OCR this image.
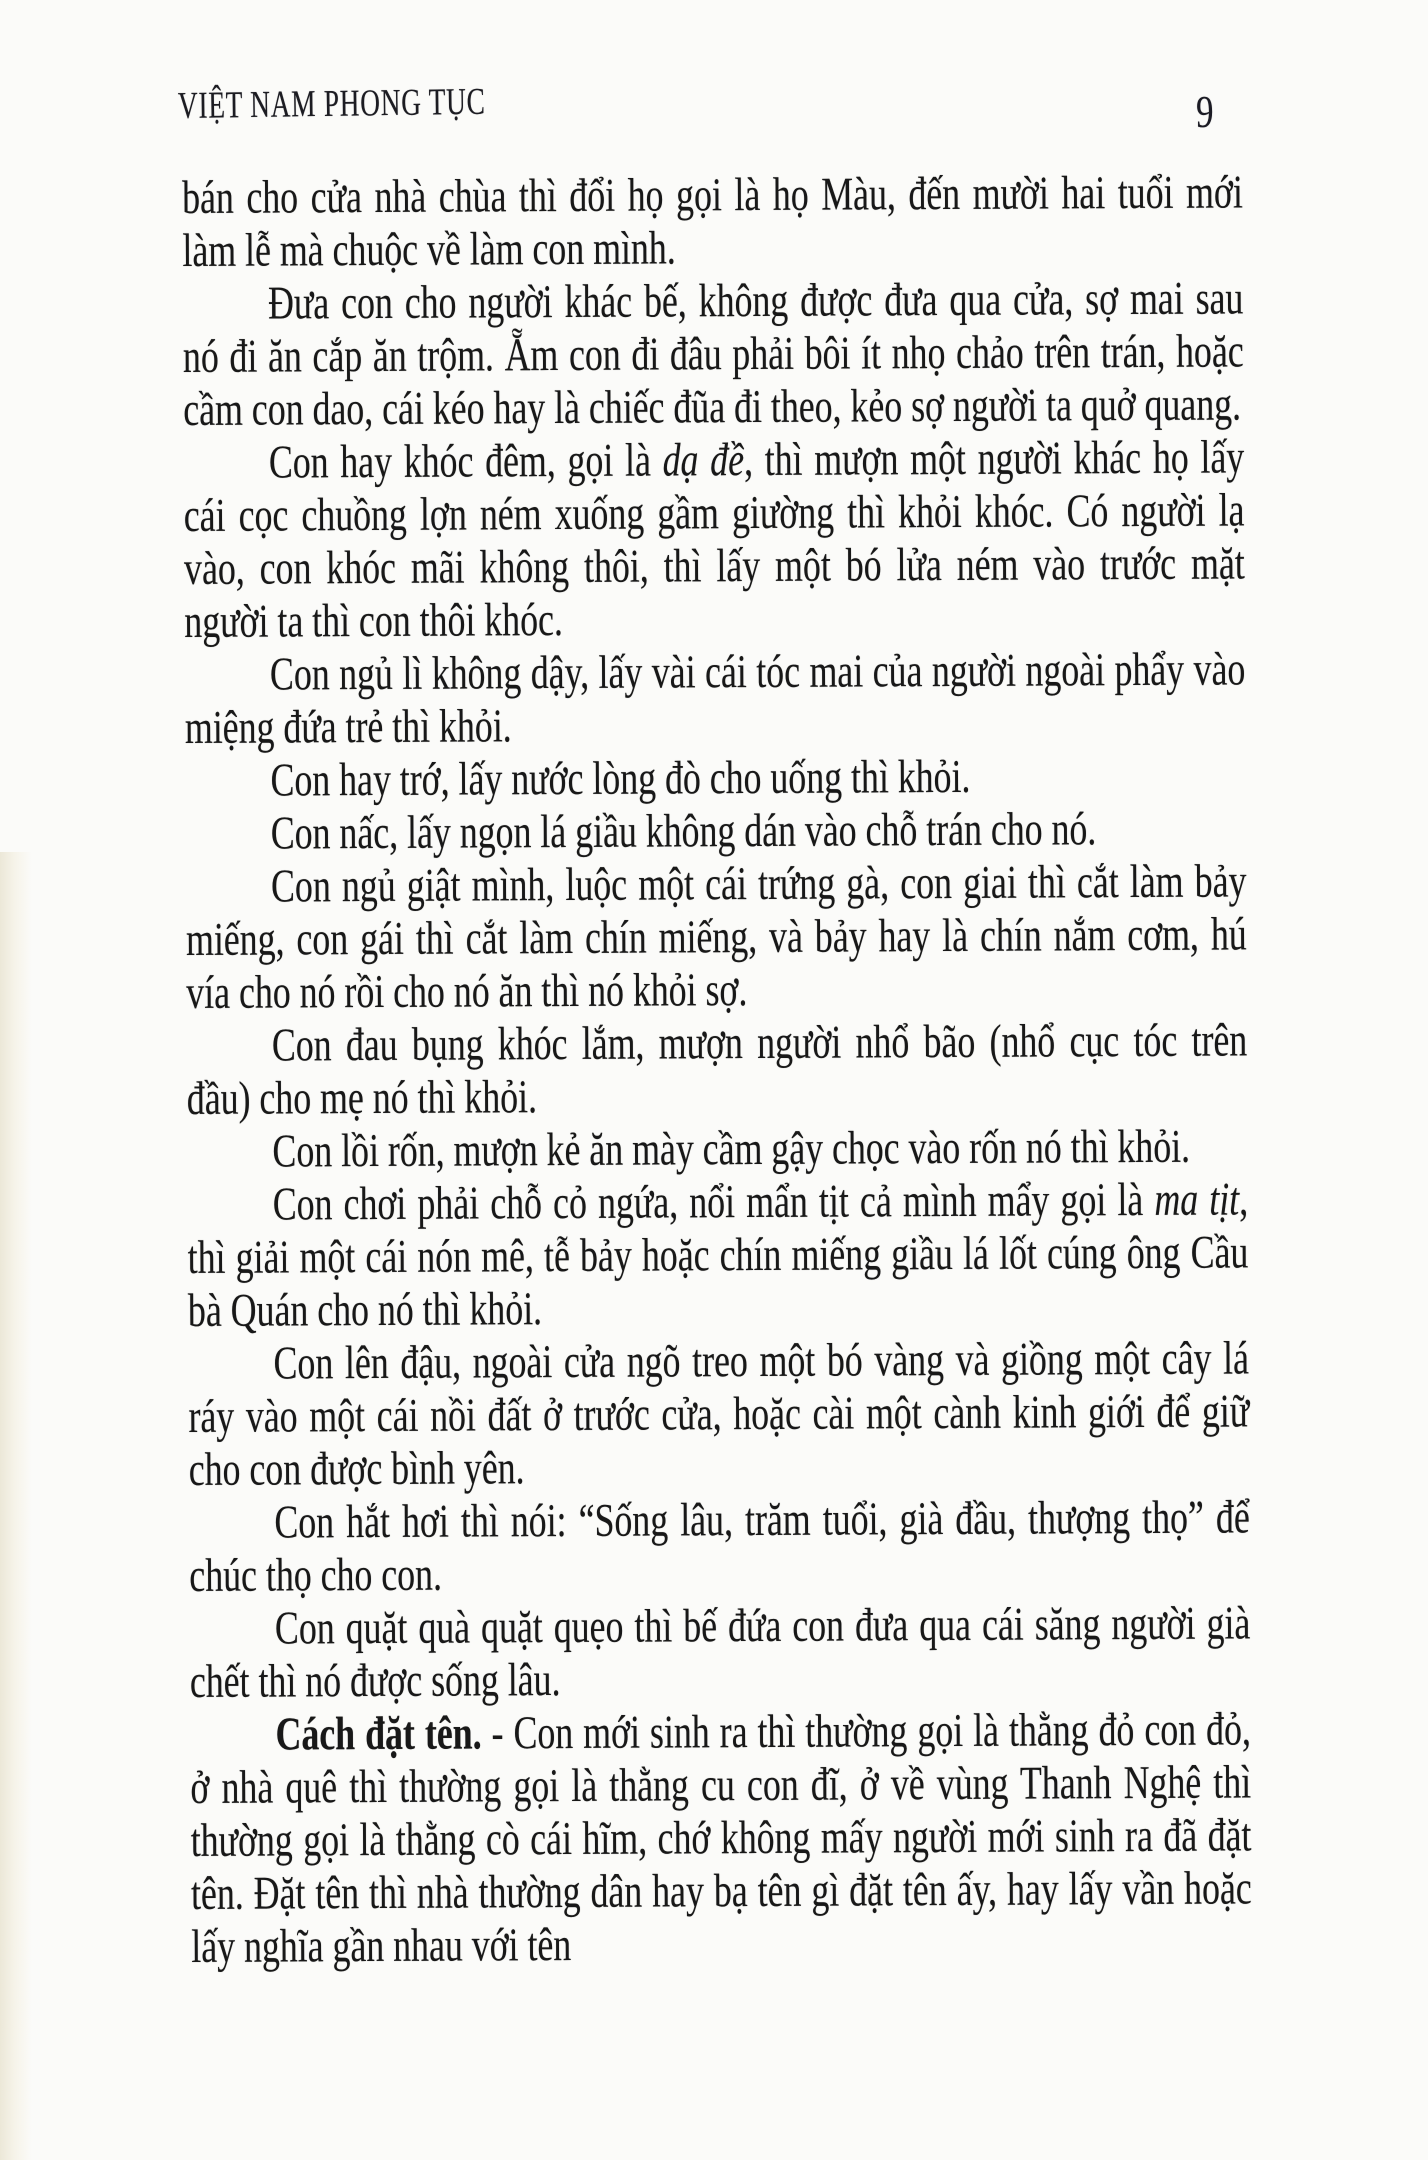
VIỆT NAM PHONG TỤC	9

bán cho cửa nhà chùa thì đổi họ gọi là họ Màu, đến mười hai tuổi mới làm lễ mà chuộc về làm con mình.

Đưa con cho người khác bế, không được đưa qua cửa, sợ mai sau nó đi ăn cắp ăn trộm. Ẵm con đi đâu phải bôi ít nhọ chảo trên trán, hoặc cầm con dao, cái kéo hay là chiếc đũa đi theo, kẻo sợ người ta quở quang.

Con hay khóc đêm, gọi là dạ đề, thì mượn một người khác họ lấy cái cọc chuồng lợn ném xuống gầm giường thì khỏi khóc. Có người lạ vào, con khóc mãi không thôi, thì lấy một bó lửa ném vào trước mặt người ta thì con thôi khóc.

Con ngủ lì không dậy, lấy vài cái tóc mai của người ngoài phẩy vào miệng đứa trẻ thì khỏi.

Con hay trớ, lấy nước lòng đò cho uống thì khỏi.

Con nấc, lấy ngọn lá giầu không dán vào chỗ trán cho nó.

Con ngủ giật mình, luộc một cái trứng gà, con giai thì cắt làm bảy miếng, con gái thì cắt làm chín miếng, và bảy hay là chín nắm cơm, hú vía cho nó rồi cho nó ăn thì nó khỏi sợ.

Con đau bụng khóc lắm, mượn người nhổ bão (nhổ cục tóc trên đầu) cho mẹ nó thì khỏi.

Con lồi rốn, mượn kẻ ăn mày cầm gậy chọc vào rốn nó thì khỏi.

Con chơi phải chỗ cỏ ngứa, nổi mẩn tịt cả mình mẩy gọi là ma tịt, thì giải một cái nón mê, tễ bảy hoặc chín miếng giầu lá lốt cúng ông Cầu bà Quán cho nó thì khỏi.

Con lên đậu, ngoài cửa ngõ treo một bó vàng và giồng một cây lá ráy vào một cái nồi đất ở trước cửa, hoặc cài một cành kinh giới để giữ cho con được bình yên.

Con hắt hơi thì nói: “Sống lâu, trăm tuổi, già đầu, thượng thọ” để chúc thọ cho con.

Con quặt quà quặt quẹo thì bế đứa con đưa qua cái săng người già chết thì nó được sống lâu.

Cách đặt tên. - Con mới sinh ra thì thường gọi là thằng đỏ con đỏ, ở nhà quê thì thường gọi là thằng cu con đĩ, ở về vùng Thanh Nghệ thì thường gọi là thằng cò cái hĩm, chớ không mấy người mới sinh ra đã đặt tên. Đặt tên thì nhà thường dân hay bạ tên gì đặt tên ấy, hay lấy vần hoặc lấy nghĩa gần nhau với tên
